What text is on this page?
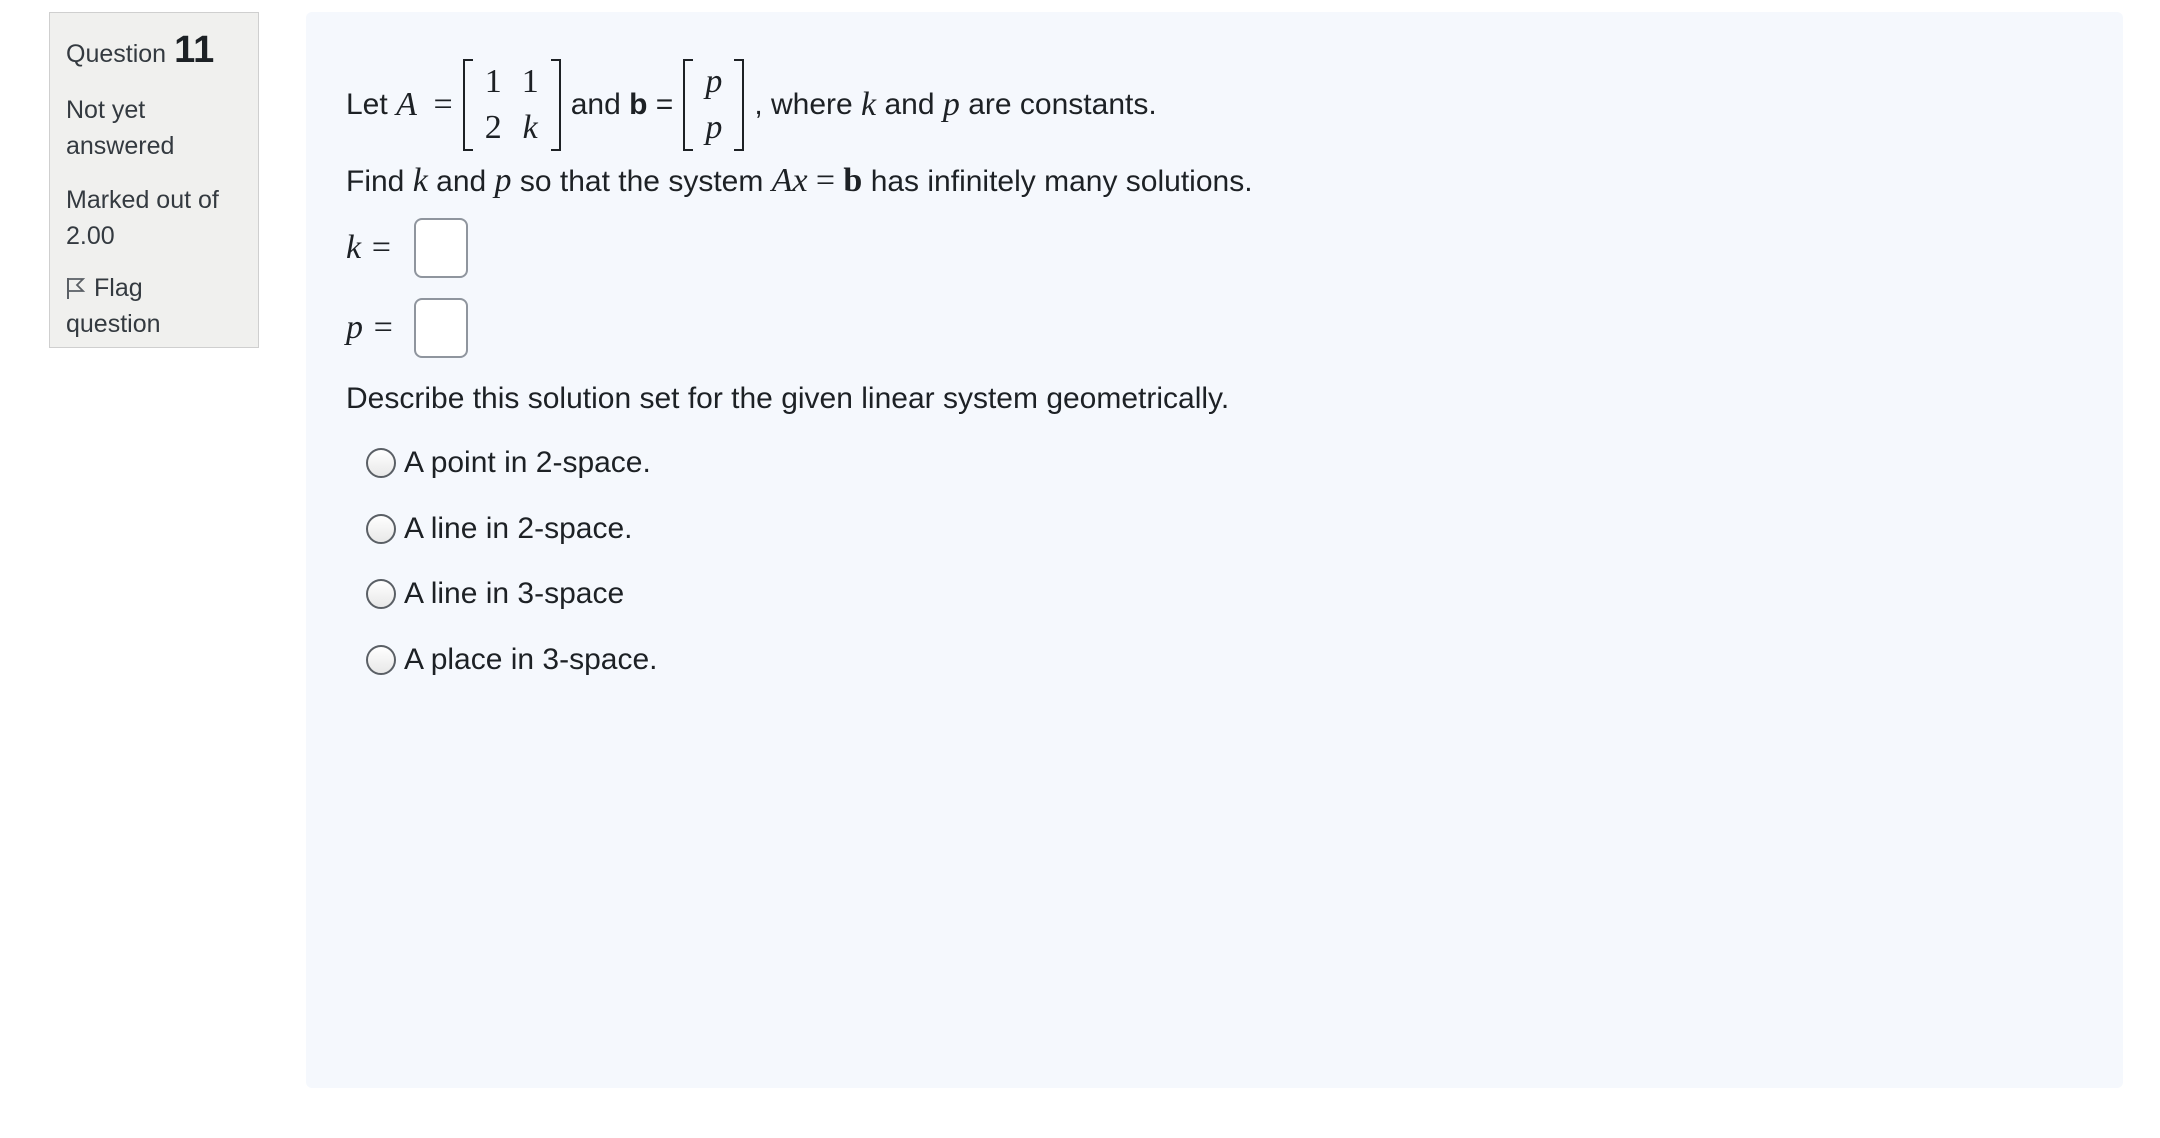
Question 11
Not yet answered
Marked out of 2.00
Flag question
Let
A
=
1	1
2	k
and
b
=
p
p
, where
k
and
p
are constants.
Find k and p so that the system Ax = b has infinitely many solutions.
k =
p =
Describe this solution set for the given linear system geometrically.
A point in 2-space.
A line in 2-space.
A line in 3-space
A place in 3-space.
